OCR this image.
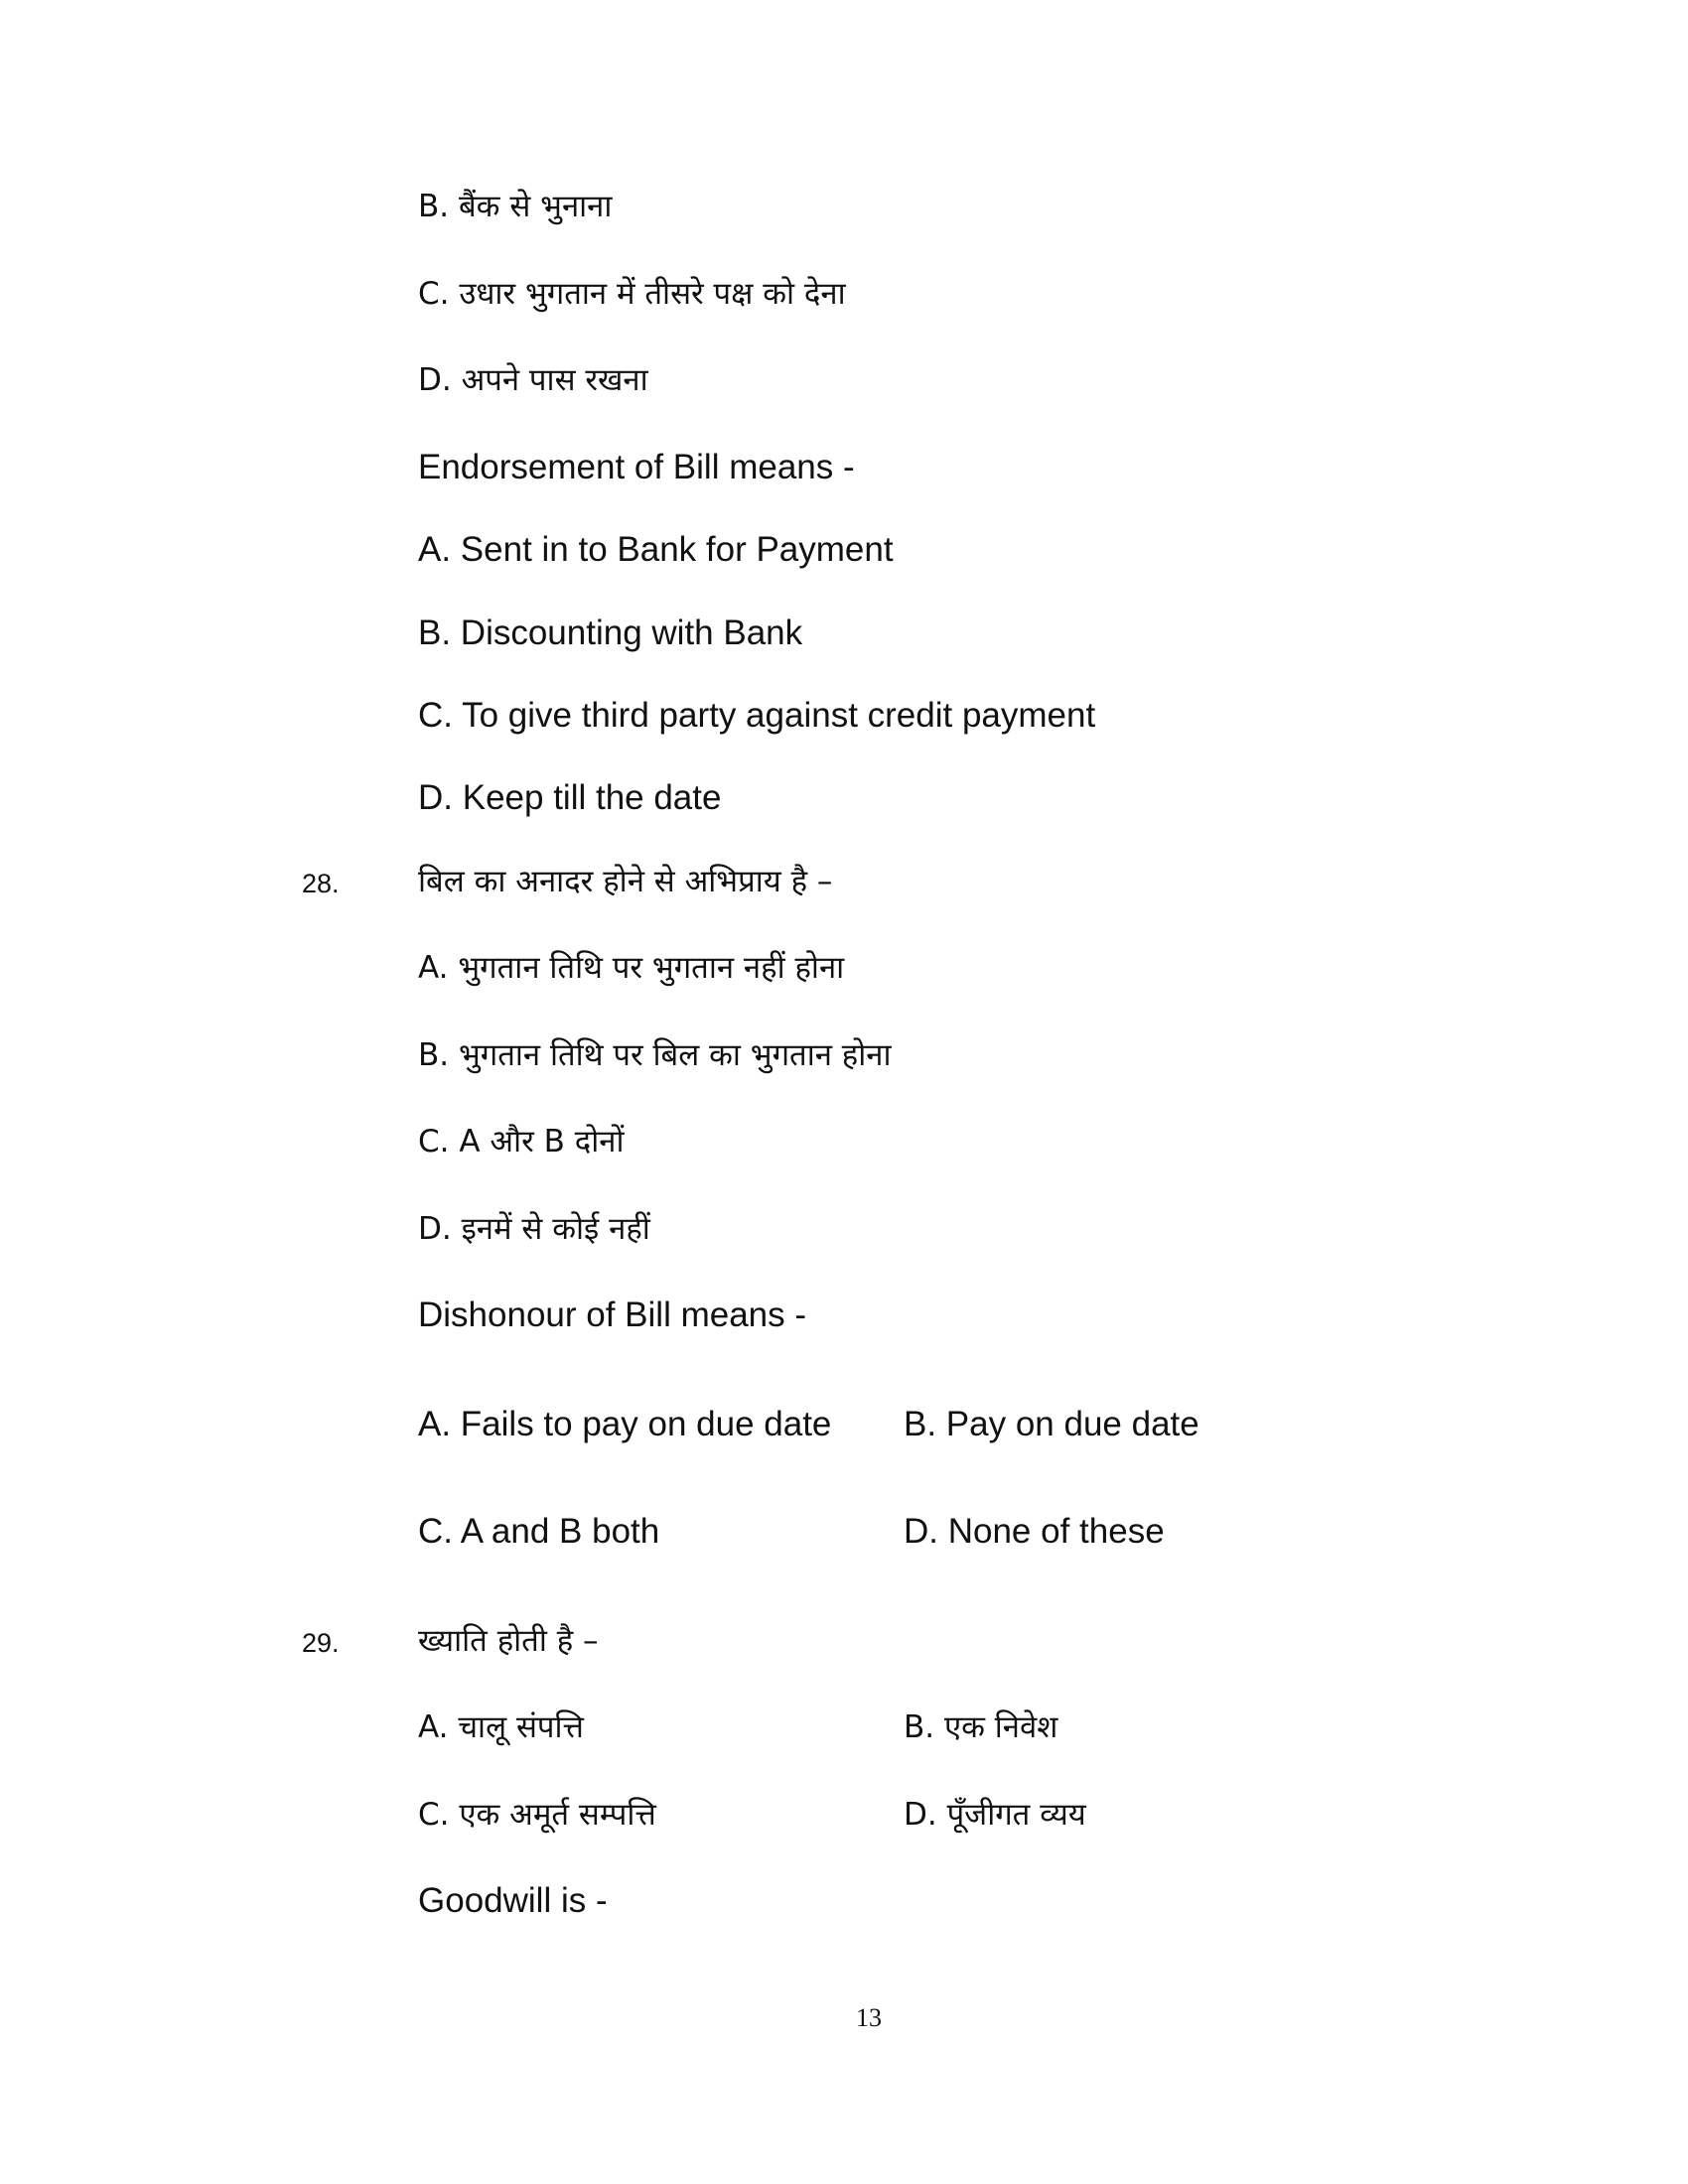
B. बैंक से भुनाना
C. उधार भुगतान में तीसरे पक्ष को देना
D. अपने पास रखना
Endorsement of Bill means -
A. Sent in to Bank for Payment
B. Discounting with Bank
C. To give third party against credit payment
D. Keep till the date
28.	बिल का अनादर होने से अभिप्राय है –
A. भुगतान तिथि पर भुगतान नहीं होना
B. भुगतान तिथि पर बिल का भुगतान होना
C. A और B दोनों
D. इनमें से कोई नहीं
Dishonour of Bill means -
A. Fails to pay on due date B. Pay on due date
C. A and B both	D. None of these
29.	ख्याति होती है –
A. चालू संपत्ति	B. एक निवेश
C. एक अमूर्त सम्पत्ति	D. पूँजीगत व्यय
Goodwill is -
13
